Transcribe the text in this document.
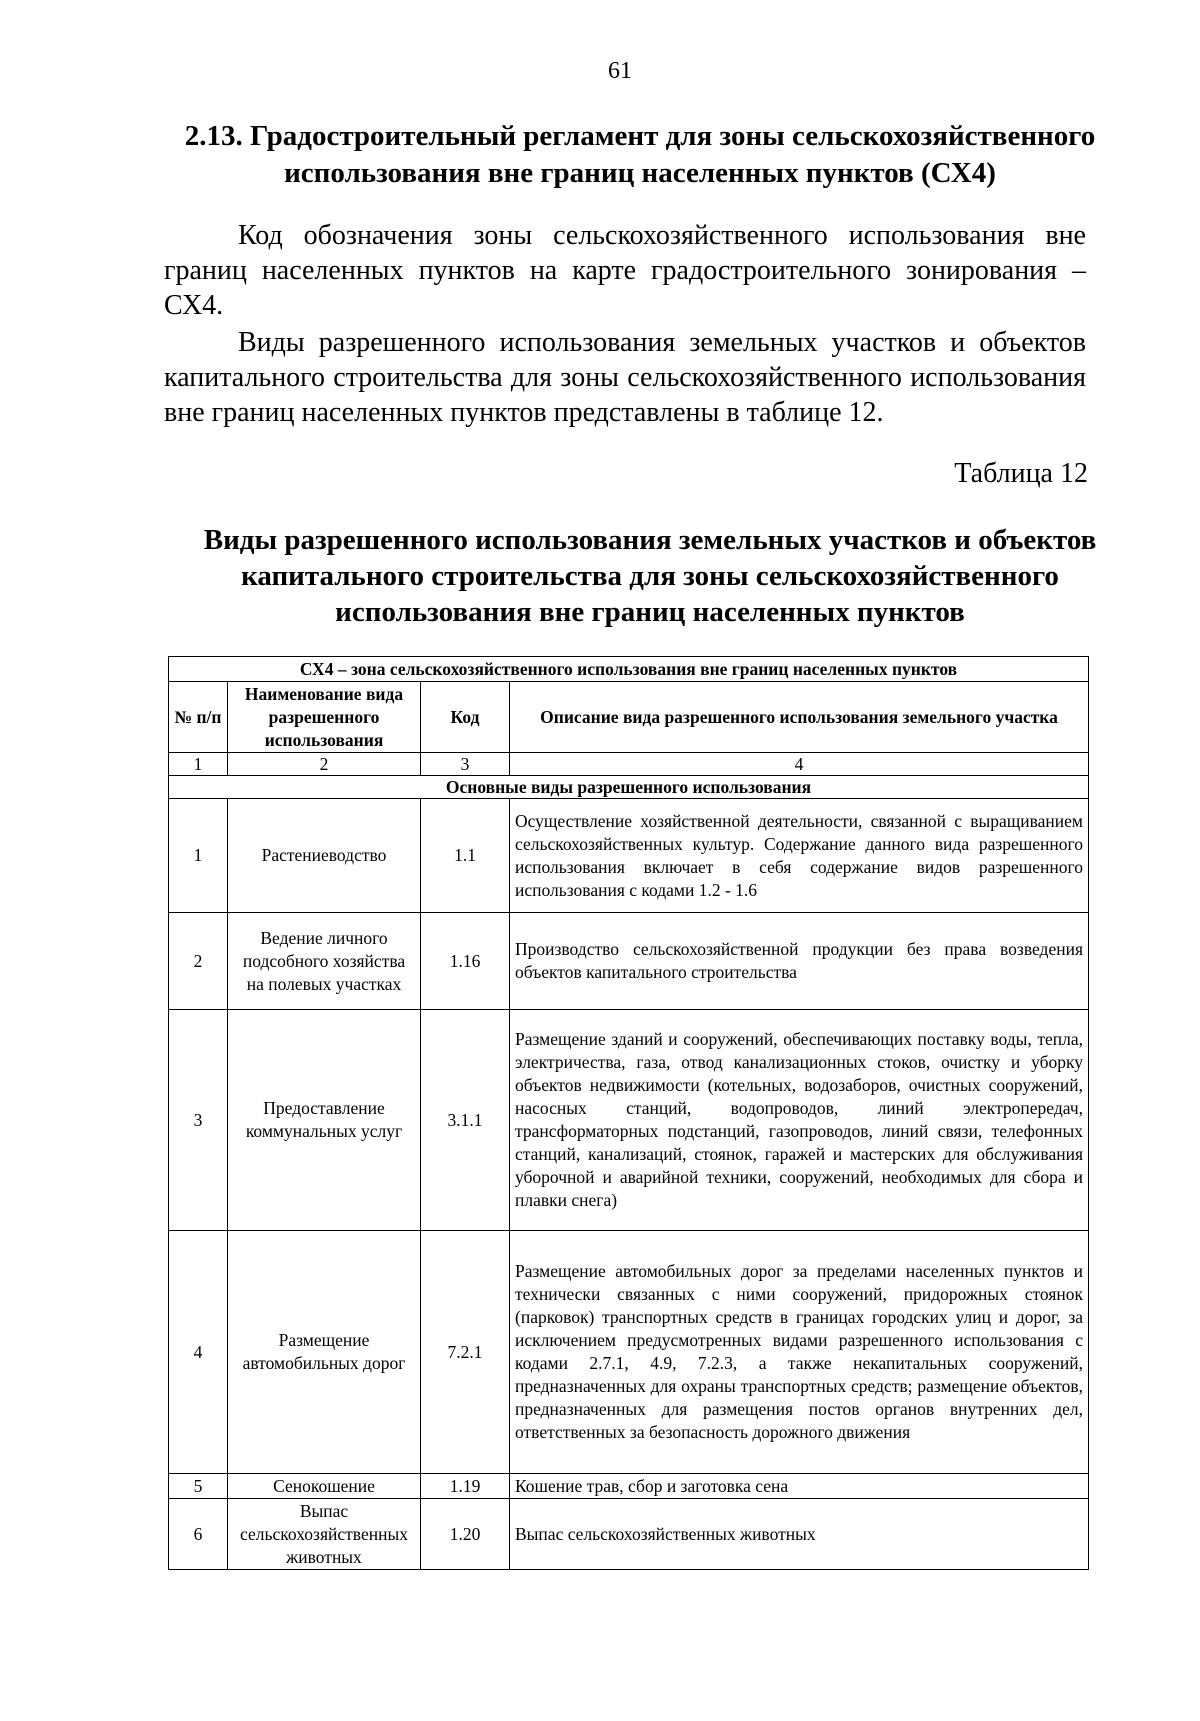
61
2.13. Градостроительный регламент для зоны сельскохозяйственного
использования вне границ населенных пунктов (СХ4)

Код обозначения зоны сельскохозяйственного использования вне границ населенных пунктов на карте градостроительного зонирования – СХ4.

Виды разрешенного использования земельных участков и объектов капитального строительства для зоны сельскохозяйственного использования вне границ населенных пунктов представлены в таблице 12.

Таблица 12
Виды разрешенного использования земельных участков и объектов
капитального строительства для зоны сельскохозяйственного
использования вне границ населенных пунктов
СХ4 – зона сельскохозяйственного использования вне границ населенных пунктов			
№ п/п	Наименование вида разрешенного использования	Код	Описание вида разрешенного использования земельного участка
1	2	3	4
Основные виды разрешенного использования			
1	Растениеводство	1.1	Осуществление хозяйственной деятельности, связанной с выращиванием сельскохозяйственных культур. Содержание данного вида разрешенного использования включает в себя содержание видов разрешенного использования с кодами 1.2 - 1.6
2	Ведение личного подсобного хозяйства на полевых участках	1.16	Производство сельскохозяйственной продукции без права возведения объектов капитального строительства
3	Предоставление коммунальных услуг	3.1.1	Размещение зданий и сооружений, обеспечивающих поставку воды, тепла, электричества, газа, отвод канализационных стоков, очистку и уборку объектов недвижимости (котельных, водозаборов, очистных сооружений, насосных станций, водопроводов, линий электропередач, трансформаторных подстанций, газопроводов, линий связи, телефонных станций, канализаций, стоянок, гаражей и мастерских для обслуживания уборочной и аварийной техники, сооружений, необходимых для сбора и плавки снега)
4	Размещение автомобильных дорог	7.2.1	Размещение автомобильных дорог за пределами населенных пунктов и технически связанных с ними сооружений, придорожных стоянок (парковок) транспортных средств в границах городских улиц и дорог, за исключением предусмотренных видами разрешенного использования с кодами 2.7.1, 4.9, 7.2.3, а также некапитальных сооружений, предназначенных для охраны транспортных средств; размещение объектов, предназначенных для размещения постов органов внутренних дел, ответственных за безопасность дорожного движения
5	Сенокошение	1.19	Кошение трав, сбор и заготовка сена
6	Выпас сельскохозяйственных животных	1.20	Выпас сельскохозяйственных животных
